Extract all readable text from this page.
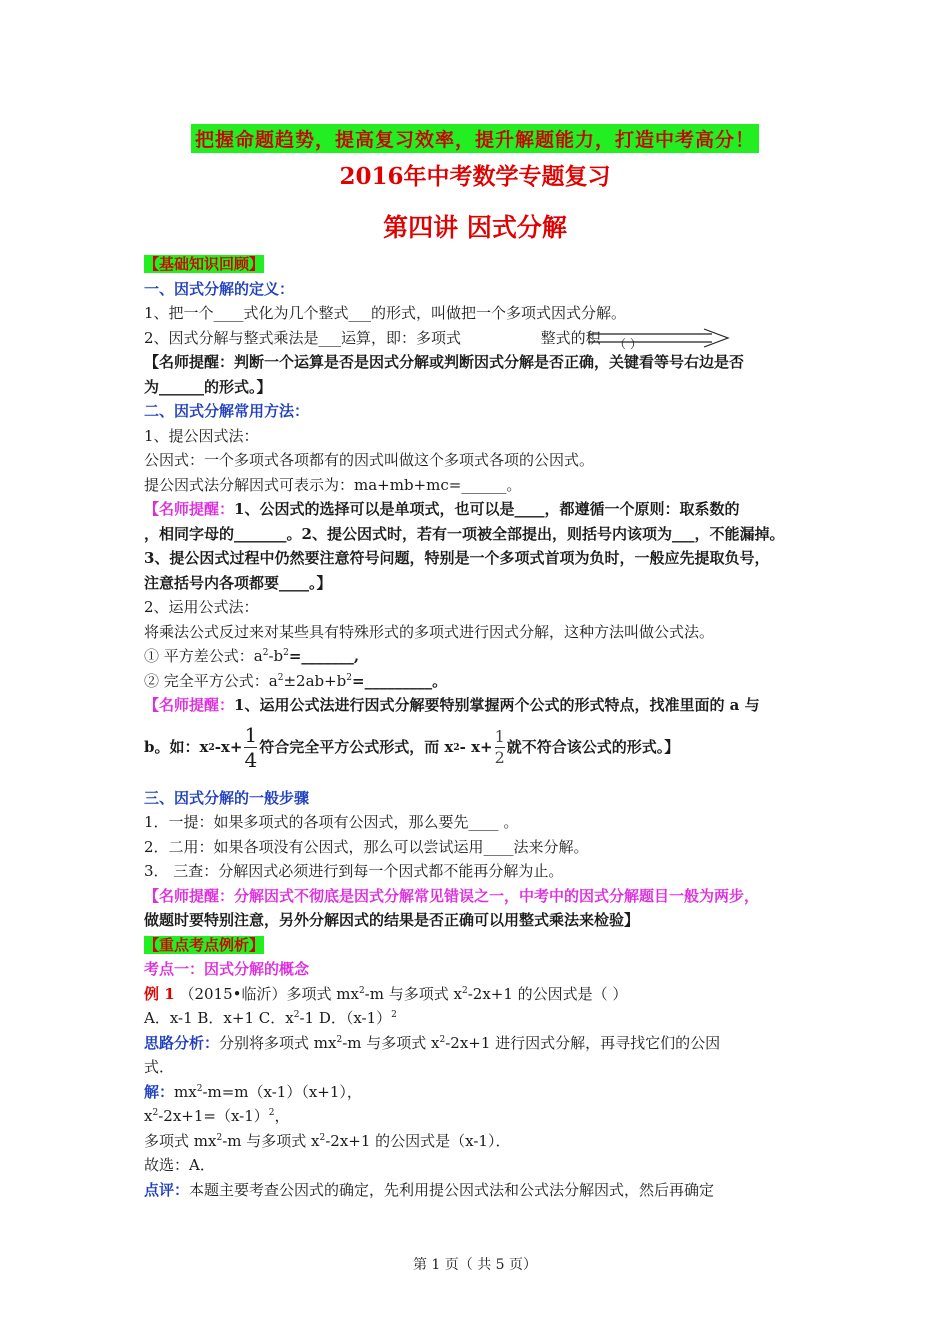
把握命题趋势，提高复习效率，提升解题能力，打造中考高分！
2016年中考数学专题复习
第四讲 因式分解
【基础知识回顾】
一、因式分解的定义：
1、把一个____式化为几个整式___的形式，叫做把一个多项式因式分解。
2、因式分解与整式乘法是___运算，即：多项式	整式的积 （ ）
【名师提醒：判断一个运算是否是因式分解或判断因式分解是否正确，关键看等号右边是否
为______的形式。】
二、因式分解常用方法：
1、提公因式法：
公因式：一个多项式各项都有的因式叫做这个多项式各项的公因式。
提公因式法分解因式可表示为：ma+mb+mc=______。
【名师提醒：1、公因式的选择可以是单项式，也可以是____，都遵循一个原则：取系数的
，相同字母的_______。2、提公因式时，若有一项被全部提出，则括号内该项为___，不能漏掉。
3、提公因式过程中仍然要注意符号问题，特别是一个多项式首项为负时，一般应先提取负号，
注意括号内各项都要____。】
2、运用公式法：
将乘法公式反过来对某些具有特殊形式的多项式进行因式分解，这种方法叫做公式法。
① 平方差公式：$a^2-b^2=\_\_\_\_\_\_\_$,
② 完全平方公式：$a^2\pm 2ab+b^2=\_\_\_\_\_\_\_\_\_$。
【名师提醒：1、运用公式法进行因式分解要特别掌握两个公式的形式特点，找准里面的 a 与
b。如：x 2 $-x+ \frac{1}{4}$ 符合完全平方公式形式，而 x $2 - x+ \frac{1}{2}$ 就不符合该公式的形式。】
三、因式分解的一般步骤
1．一提：如果多项式的各项有公因式，那么要先____ 。
2．二用：如果各项没有公因式，那么可以尝试运用____法来分解。
3． 三查：分解因式必须进行到每一个因式都不能再分解为止。
【名师提醒：分解因式不彻底是因式分解常见错误之一，中考中的因式分解题目一般为两步，
做题时要特别注意，另外分解因式的结果是否正确可以用整式乘法来检验】
【重点考点例析】
考点一：因式分解的概念
例 1 （2015•临沂）多项式 $mx^2-m$ 与多项式 $x^2-2x+1$ 的公因式是（ ）
A．x-1 B．x+1 C．$x^2-1$ D．$(x-1)^2$
思路分析：分别将多项式 $mx^2-m$ 与多项式 $x^2-2x+1$ 进行因式分解，再寻找它们的公因
式．
解：$mx^2-m=m(x-1)(x+1)$，
$x^2-2x+1=(x-1)^2$，
多项式 $mx^2-m$ 与多项式 $x^2-2x+1$ 的公因式是（x-1）．
故选：A．
点评：本题主要考查公因式的确定，先利用提公因式法和公式法分解因式，然后再确定
第 1 页（ 共 5 页）
